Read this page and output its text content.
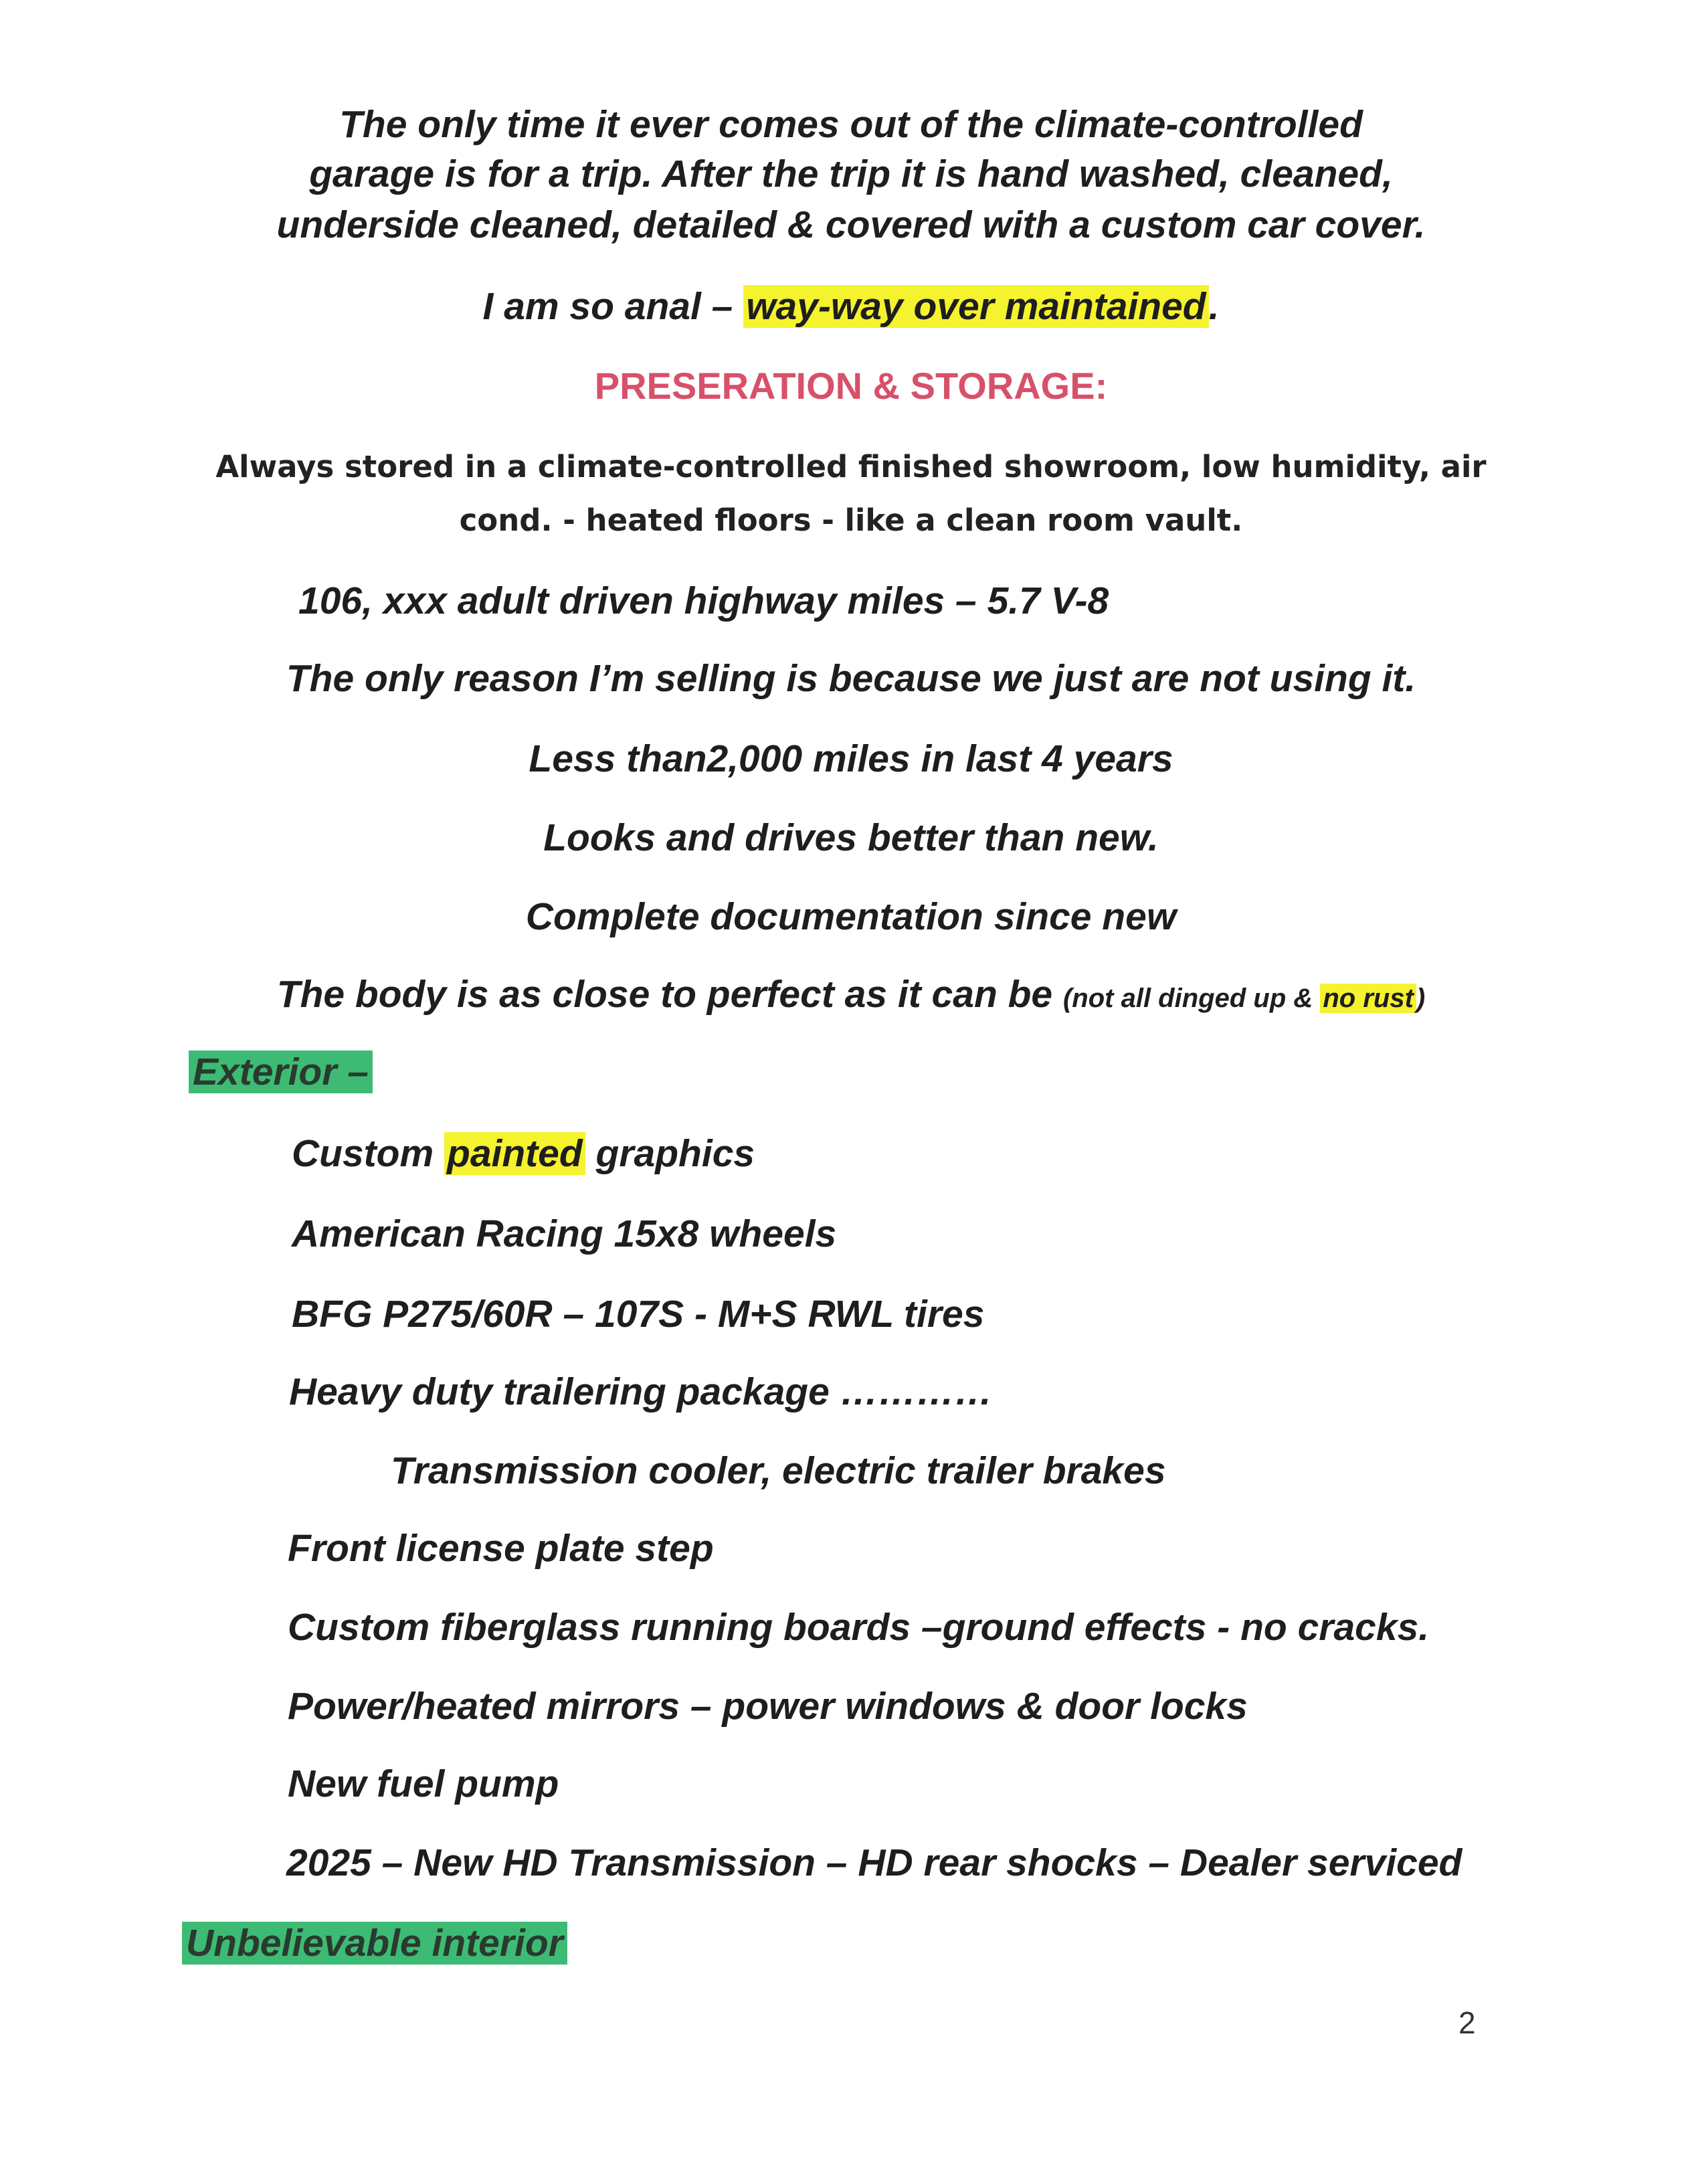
The only time it ever comes out of the climate-controlled
garage is for a trip. After the trip it is hand washed, cleaned,
underside cleaned, detailed & covered with a custom car cover.
I am so anal – way-way over maintained.
PRESERATION & STORAGE:
Always stored in a climate-controlled finished showroom, low humidity, air
cond. - heated floors - like a clean room vault.
106, xxx adult driven highway miles – 5.7 V-8
The only reason I’m selling is because we just are not using it.
Less than2,000 miles in last 4 years
Looks and drives better than new.
Complete documentation since new
The body is as close to perfect as it can be (not all dinged up & no rust )
Exterior –
Custom painted graphics
American Racing 15x8 wheels
BFG P275/60R – 107S - M+S RWL tires
Heavy duty trailering package …………
Transmission cooler, electric trailer brakes
Front license plate step
Custom fiberglass running boards –ground effects - no cracks.
Power/heated mirrors – power windows & door locks
New fuel pump
2025 – New HD Transmission – HD rear shocks – Dealer serviced
Unbelievable interior
2
